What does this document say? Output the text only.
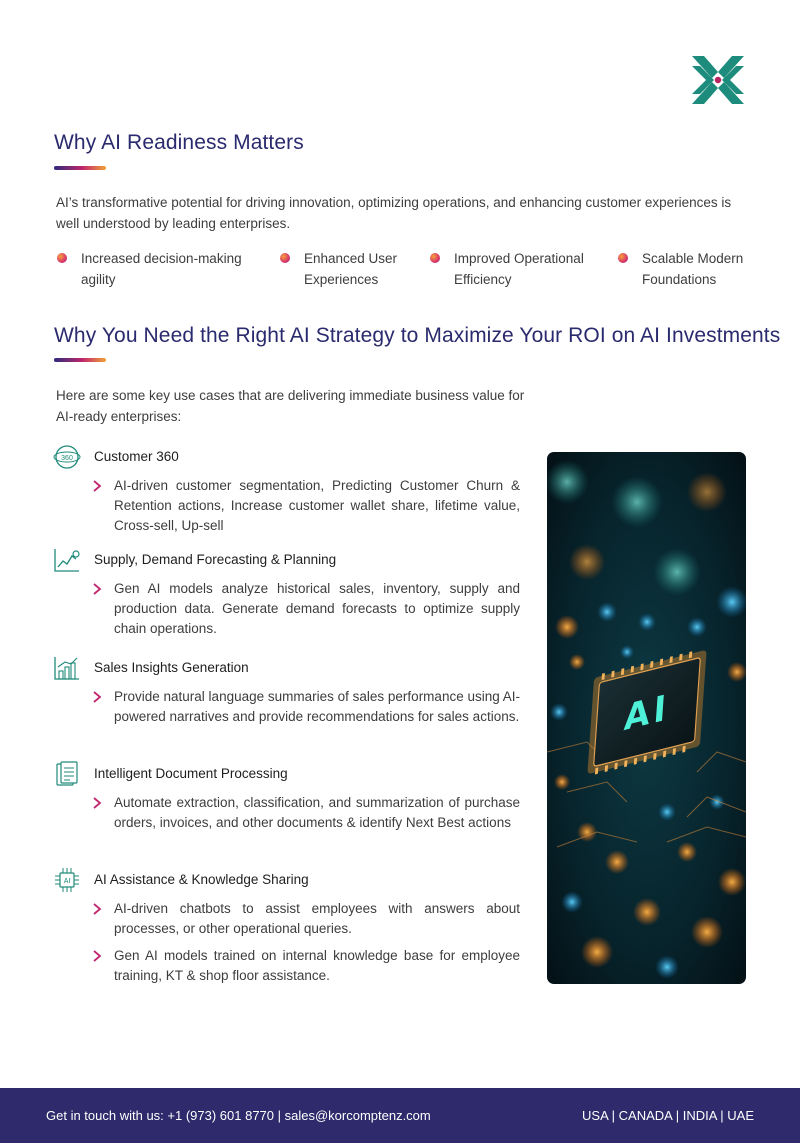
Why AI Readiness Matters
AI’s transformative potential for driving innovation, optimizing operations, and enhancing customer experiences is well understood by leading enterprises.
Increased decision-making
agility
Enhanced User
Experiences
Improved Operational
Efficiency
Scalable Modern
Foundations
Why You Need the Right AI Strategy to Maximize Your ROI on AI Investments
Here are some key use cases that are delivering immediate business value for AI-ready enterprises:
360 Customer 360
AI-driven customer segmentation, Predicting Customer Churn & Retention actions, Increase customer wallet share, lifetime value, Cross-sell, Up-sell
Supply, Demand Forecasting & Planning
Gen AI models analyze historical sales, inventory, supply and production data. Generate demand forecasts to optimize supply chain operations.
Sales Insights Generation
Provide natural language summaries of sales performance using AI-powered narratives and provide recommendations for sales actions.
Intelligent Document Processing
Automate extraction, classification, and summarization of purchase orders, invoices, and other documents & identify Next Best actions
AI AI Assistance & Knowledge Sharing
AI-driven chatbots to assist employees with answers about processes, or other operational queries.
Gen AI models trained on internal knowledge base for employee training, KT & shop floor assistance.
AI
Get in touch with us: +1 (973) 601 8770 | sales@korcomptenz.com	USA | CANADA | INDIA | UAE
